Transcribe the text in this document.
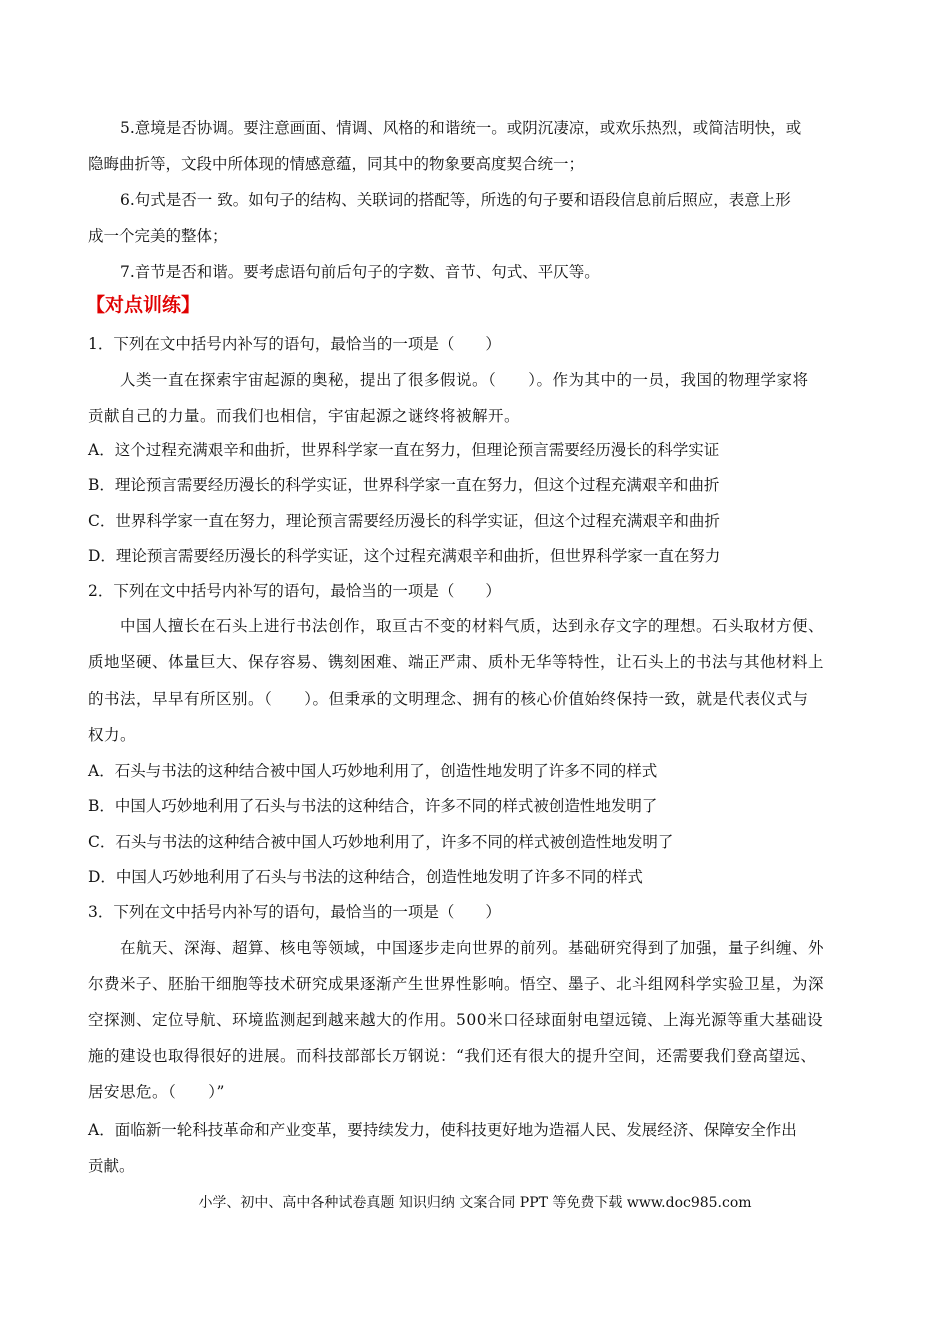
5.意境是否协调。要注意画面、情调、风格的和谐统一。或阴沉凄凉，或欢乐热烈，或简洁明快，或
隐晦曲折等，文段中所体现的情感意蕴，同其中的物象要高度契合统一；
6.句式是否一 致。如句子的结构、关联词的搭配等，所选的句子要和语段信息前后照应，表意上形
成一个完美的整体；
7.音节是否和谐。要考虑语句前后句子的字数、音节、句式、平仄等。
【对点训练】
1．下列在文中括号内补写的语句，最恰当的一项是（　　）
人类一直在探索宇宙起源的奥秘，提出了很多假说。（　　）。作为其中的一员，我国的物理学家将
贡献自己的力量。而我们也相信，宇宙起源之谜终将被解开。
A．这个过程充满艰辛和曲折，世界科学家一直在努力，但理论预言需要经历漫长的科学实证
B．理论预言需要经历漫长的科学实证，世界科学家一直在努力，但这个过程充满艰辛和曲折
C．世界科学家一直在努力，理论预言需要经历漫长的科学实证，但这个过程充满艰辛和曲折
D．理论预言需要经历漫长的科学实证，这个过程充满艰辛和曲折，但世界科学家一直在努力
2．下列在文中括号内补写的语句，最恰当的一项是（　　）
中国人擅长在石头上进行书法创作，取亘古不变的材料气质，达到永存文字的理想。石头取材方便、
质地坚硬、体量巨大、保存容易、镌刻困难、端正严肃、质朴无华等特性，让石头上的书法与其他材料上
的书法，早早有所区别。（　　）。但秉承的文明理念、拥有的核心价值始终保持一致，就是代表仪式与
权力。
A．石头与书法的这种结合被中国人巧妙地利用了，创造性地发明了许多不同的样式
B．中国人巧妙地利用了石头与书法的这种结合，许多不同的样式被创造性地发明了
C．石头与书法的这种结合被中国人巧妙地利用了，许多不同的样式被创造性地发明了
D．中国人巧妙地利用了石头与书法的这种结合，创造性地发明了许多不同的样式
3．下列在文中括号内补写的语句，最恰当的一项是（　　）
在航天、深海、超算、核电等领域，中国逐步走向世界的前列。基础研究得到了加强，量子纠缠、外
尔费米子、胚胎干细胞等技术研究成果逐渐产生世界性影响。悟空、墨子、北斗组网科学实验卫星，为深
空探测、定位导航、环境监测起到越来越大的作用。500米口径球面射电望远镜、上海光源等重大基础设
施的建设也取得很好的进展。而科技部部长万钢说：“我们还有很大的提升空间，还需要我们登高望远、
居安思危。（　　）”
A．面临新一轮科技革命和产业变革，要持续发力，使科技更好地为造福人民、发展经济、保障安全作出
贡献。
小学、初中、高中各种试卷真题 知识归纳 文案合同 PPT 等免费下载 www.doc985.com
